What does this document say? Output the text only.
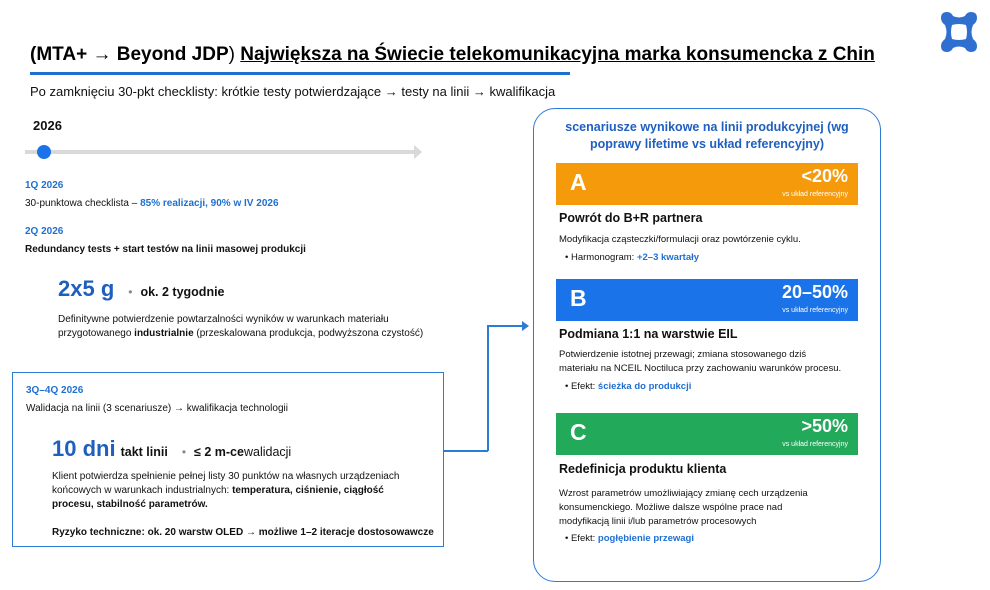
(MTA+ → Beyond JDP) Największa na Świecie telekomunikacyjna marka konsumencka z Chin
Po zamknięciu 30-pkt checklisty: krótkie testy potwierdzające → testy na linii → kwalifikacja
2026
1Q 2026
30-punktowa checklista – 85% realizacji, 90% w IV 2026
2Q 2026
Redundancy tests + start testów na linii masowej produkcji
2x5 g • ok. 2 tygodnie
Definitywne potwierdzenie powtarzalności wyników w warunkach materiału
przygotowanego industrialnie (przeskalowana produkcja, podwyższona czystość)
3Q–4Q 2026
Walidacja na linii (3 scenariusze) → kwalifikacja technologii
10 dni takt linii • ≤ 2 m-ce walidacji
Klient potwierdza spełnienie pełnej listy 30 punktów na własnych urządzeniach
końcowych w warunkach industrialnych: temperatura, ciśnienie, ciągłość
procesu, stabilność parametrów.
Ryzyko techniczne: ok. 20 warstw OLED → możliwe 1–2 iteracje dostosowawcze
scenariusze wynikowe na linii produkcyjnej (wg
poprawy lifetime vs układ referencyjny)
A	<20%
vs układ referencyjny
Powrót do B+R partnera
Modyfikacja cząsteczki/formulacji oraz powtórzenie cyklu.
• Harmonogram: +2–3 kwartały
B	20–50%
vs układ referencyjny
Podmiana 1:1 na warstwie EIL
Potwierdzenie istotnej przewagi; zmiana stosowanego dziś
materiału na NCEIL Noctiluca przy zachowaniu warunków procesu.
• Efekt: ścieżka do produkcji
C	>50%
vs układ referencyjny
Redefinicja produktu klienta
Wzrost parametrów umożliwiający zmianę cech urządzenia
konsumenckiego. Możliwe dalsze wspólne prace nad
modyfikacją linii i/lub parametrów procesowych
• Efekt: pogłębienie przewagi
